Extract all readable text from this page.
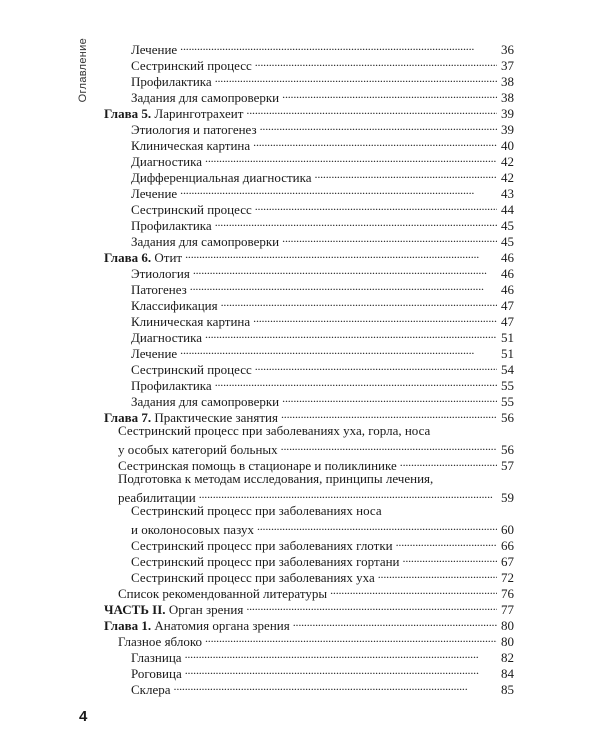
Оглавление	Лечение . . .	36
Сестринский процесс . . .	37
Профилактика . . .	38
Задания для самопроверки . . .	38
Глава 5. Ларинготрахеит . . .	39
Этиология и патогенез . . .	39
Клиническая картина . . .	40
Диагностика . . .	42
Дифференциальная диагностика . . .	42
Лечение . . .	43
Сестринский процесс . . .	44
Профилактика . . .	45
Задания для самопроверки . . .	45
Глава 6. Отит . . .	46
Этиология . . .	46
Патогенез . . .	46
Классификация . . .	47
Клиническая картина . . .	47
Диагностика . . .	51
Лечение . . .	51
Сестринский процесс . . .	54
Профилактика . . .	55
Задания для самопроверки . . .	55
Глава 7. Практические занятия . . .	56
Сестринский процесс при заболеваниях уха, горла, носа
у особых категорий больных . . .	56
Сестринская помощь в стационаре и поликлинике . . .	57
Подготовка к методам исследования, принципы лечения,
реабилитации . . .	59
Сестринский процесс при заболеваниях носа
и околоносовых пазух . . .	60
Сестринский процесс при заболеваниях глотки . . .	66
Сестринский процесс при заболеваниях гортани . . .	67
Сестринский процесс при заболеваниях уха . . .	72
Список рекомендованной литературы . . .	76
ЧАСТЬ II. Орган зрения . . .	77
Глава 1. Анатомия органа зрения . . .	80
Глазное яблоко . . .	80
Глазница . . .	82
Роговица . . .	84
Склера . . .	85
4
